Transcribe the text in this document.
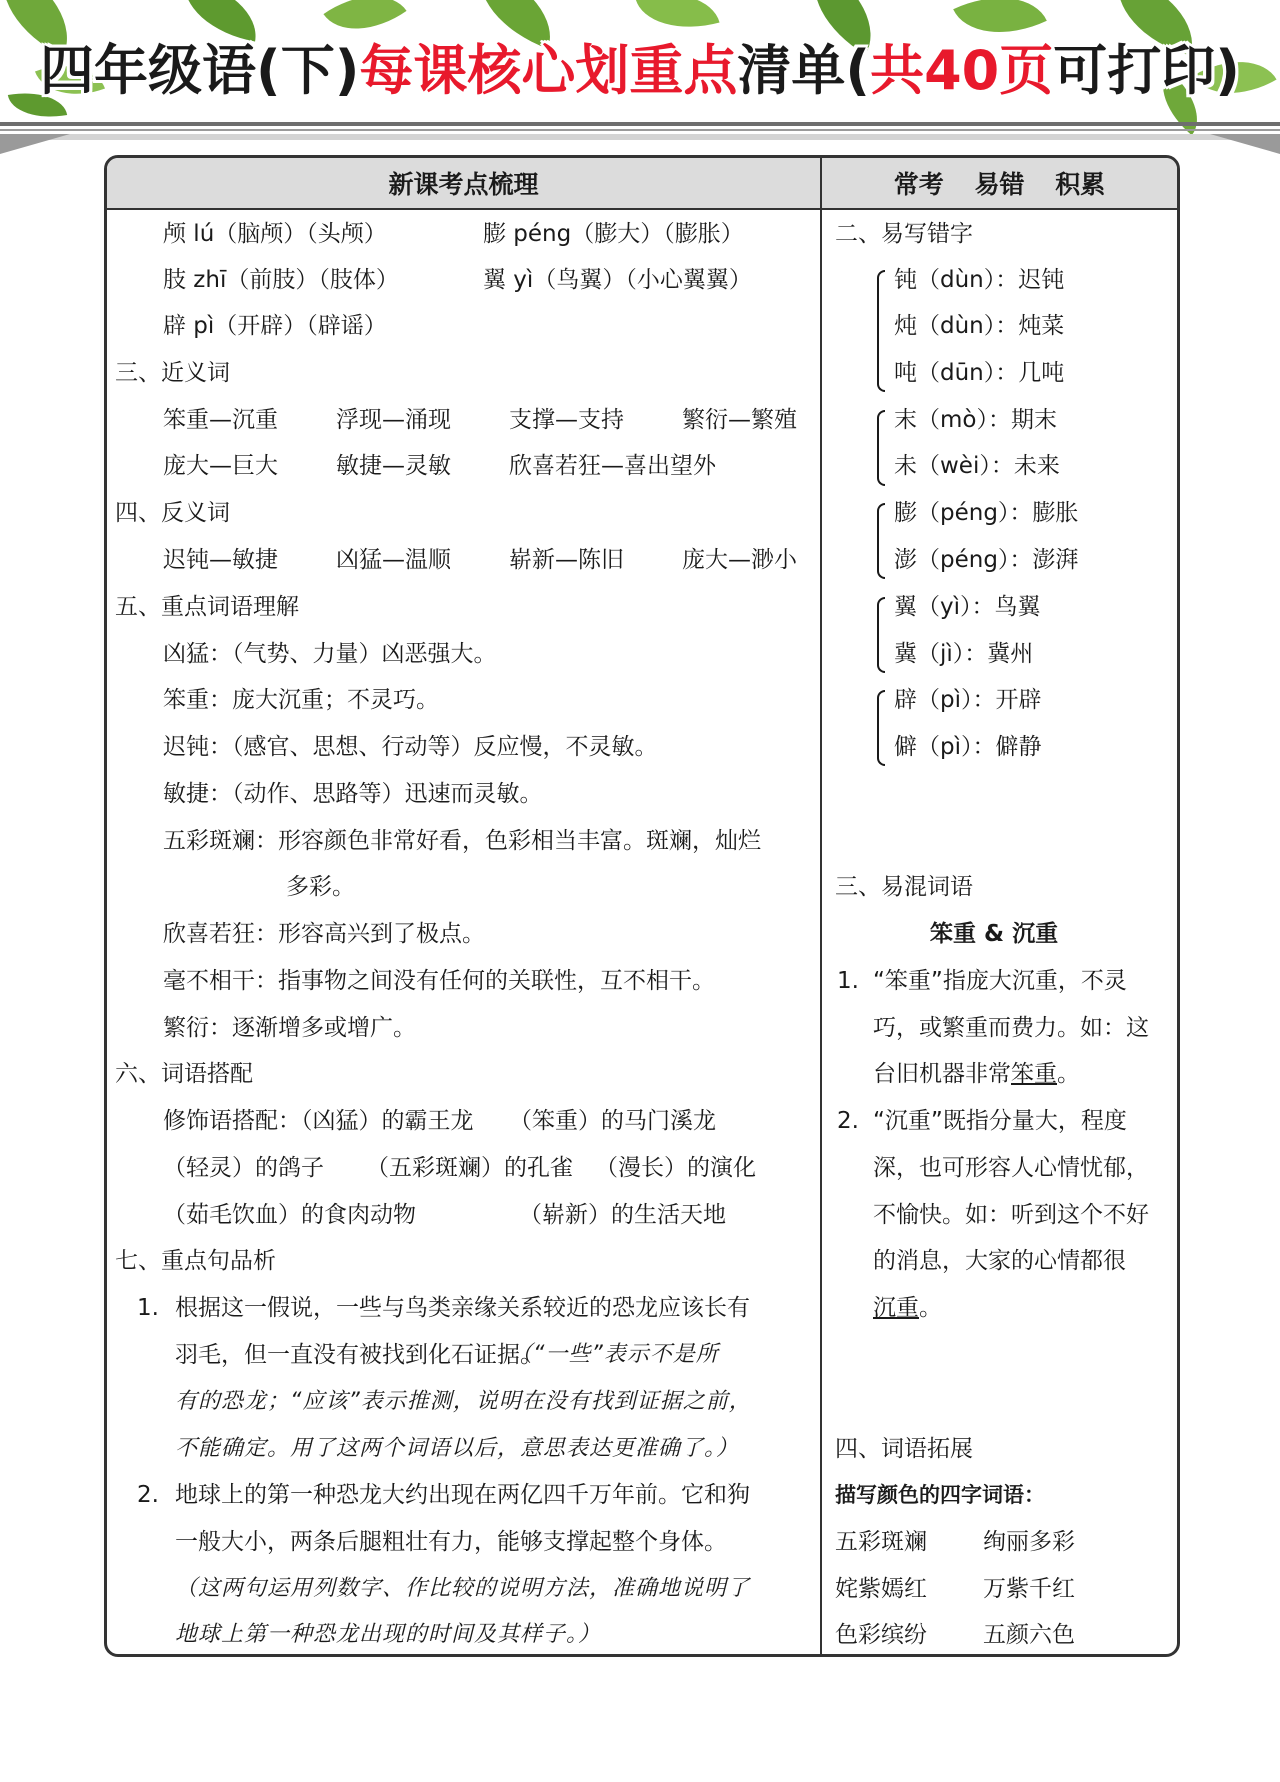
四年级语(下)每课核心划重点清单(共40页可打印)
新课考点梳理	常考 易错 积累
颅 lú（脑颅）（头颅）	膨 péng（膨大）（膨胀）
肢 zhī（前肢）（肢体）	翼 yì（鸟翼）（小心翼翼）
辟 pì（开辟）（辟谣）
三、近义词
笨重—沉重	浮现—涌现	支撑—支持	繁衍—繁殖
庞大—巨大	敏捷—灵敏	欣喜若狂—喜出望外
四、反义词
迟钝—敏捷	凶猛—温顺	崭新—陈旧	庞大—渺小
五、重点词语理解
凶猛：（气势、力量）凶恶强大。
笨重：庞大沉重；不灵巧。
迟钝：（感官、思想、行动等）反应慢，不灵敏。
敏捷：（动作、思路等）迅速而灵敏。
五彩斑斓：形容颜色非常好看，色彩相当丰富。斑斓，灿烂
多彩。
欣喜若狂：形容高兴到了极点。
毫不相干：指事物之间没有任何的关联性，互不相干。
繁衍：逐渐增多或增广。
六、词语搭配
修饰语搭配：（凶猛）的霸王龙 （笨重）的马门溪龙
（轻灵）的鸽子 （五彩斑斓）的孔雀 （漫长）的演化
（茹毛饮血）的食肉动物	（崭新）的生活天地
七、重点句品析
1. 根据这一假说，一些与鸟类亲缘关系较近的恐龙应该长有
羽毛，但一直没有被找到化石证据。
（“一些”表示不是所
有的恐龙；“应该”表示推测，说明在没有找到证据之前，
不能确定。用了这两个词语以后，意思表达更准确了。）
2. 地球上的第一种恐龙大约出现在两亿四千万年前。它和狗
一般大小，两条后腿粗壮有力，能够支撑起整个身体。
（这两句运用列数字、作比较的说明方法，准确地说明了
地球上第一种恐龙出现的时间及其样子。）
二、易写错字
钝（dùn）：迟钝
炖（dùn）：炖菜
吨（dūn）：几吨
末（mò）：期末
未（wèi）：未来
膨（péng）：膨胀
澎（péng）：澎湃
翼（yì）：鸟翼
冀（jì）：冀州
辟（pì）：开辟
僻（pì）：僻静
三、易混词语
笨重 & 沉重
1. “笨重”指庞大沉重，不灵
巧，或繁重而费力。如：这
台旧机器非常笨重。
2. “沉重”既指分量大，程度
深，也可形容人心情忧郁，
不愉快。如：听到这个不好
的消息，大家的心情都很
沉重。
四、词语拓展
描写颜色的四字词语：
五彩斑斓 绚丽多彩
姹紫嫣红 万紫千红
色彩缤纷 五颜六色
